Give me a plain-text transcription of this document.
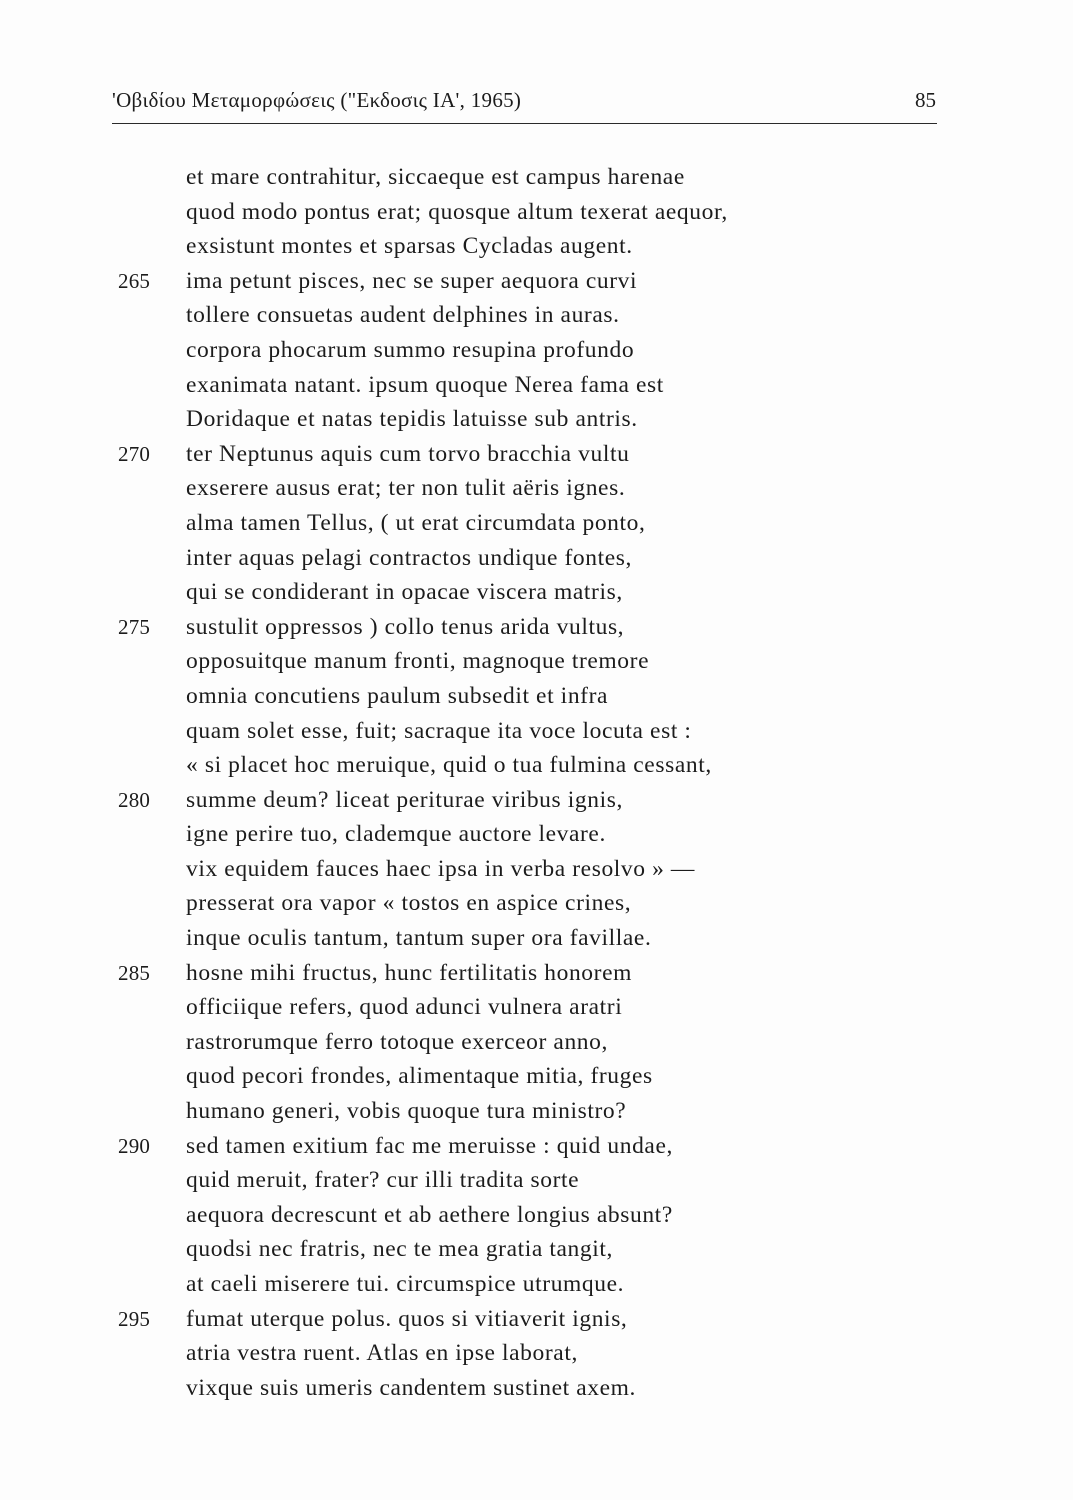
'Οβιδίου Μεταμορφώσεις ("Εκδοσις ΙΑ', 1965)	85
et mare contrahitur, siccaeque est campus harenae
quod modo pontus erat; quosque altum texerat aequor,
exsistunt montes et sparsas Cycladas augent.
265	ima petunt pisces, nec se super aequora curvi
tollere consuetas audent delphines in auras.
corpora phocarum summo resupina profundo
exanimata natant. ipsum quoque Nerea fama est
Doridaque et natas tepidis latuisse sub antris.
270	ter Neptunus aquis cum torvo bracchia vultu
exserere ausus erat; ter non tulit aëris ignes.
alma tamen Tellus, ( ut erat circumdata ponto,
inter aquas pelagi contractos undique fontes,
qui se condiderant in opacae viscera matris,
275	sustulit oppressos ) collo tenus arida vultus,
opposuitque manum fronti, magnoque tremore
omnia concutiens paulum subsedit et infra
quam solet esse, fuit; sacraque ita voce locuta est :
« si placet hoc meruique, quid o tua fulmina cessant,
280	summe deum? liceat periturae viribus ignis,
igne perire tuo, clademque auctore levare.
vix equidem fauces haec ipsa in verba resolvo » —
presserat ora vapor « tostos en aspice crines,
inque oculis tantum, tantum super ora favillae.
285	hosne mihi fructus, hunc fertilitatis honorem
officiique refers, quod adunci vulnera aratri
rastrorumque ferro totoque exerceor anno,
quod pecori frondes, alimentaque mitia, fruges
humano generi, vobis quoque tura ministro?
290	sed tamen exitium fac me meruisse : quid undae,
quid meruit, frater? cur illi tradita sorte
aequora decrescunt et ab aethere longius absunt?
quodsi nec fratris, nec te mea gratia tangit,
at caeli miserere tui. circumspice utrumque.
295	fumat uterque polus. quos si vitiaverit ignis,
atria vestra ruent. Atlas en ipse laborat,
vixque suis umeris candentem sustinet axem.
